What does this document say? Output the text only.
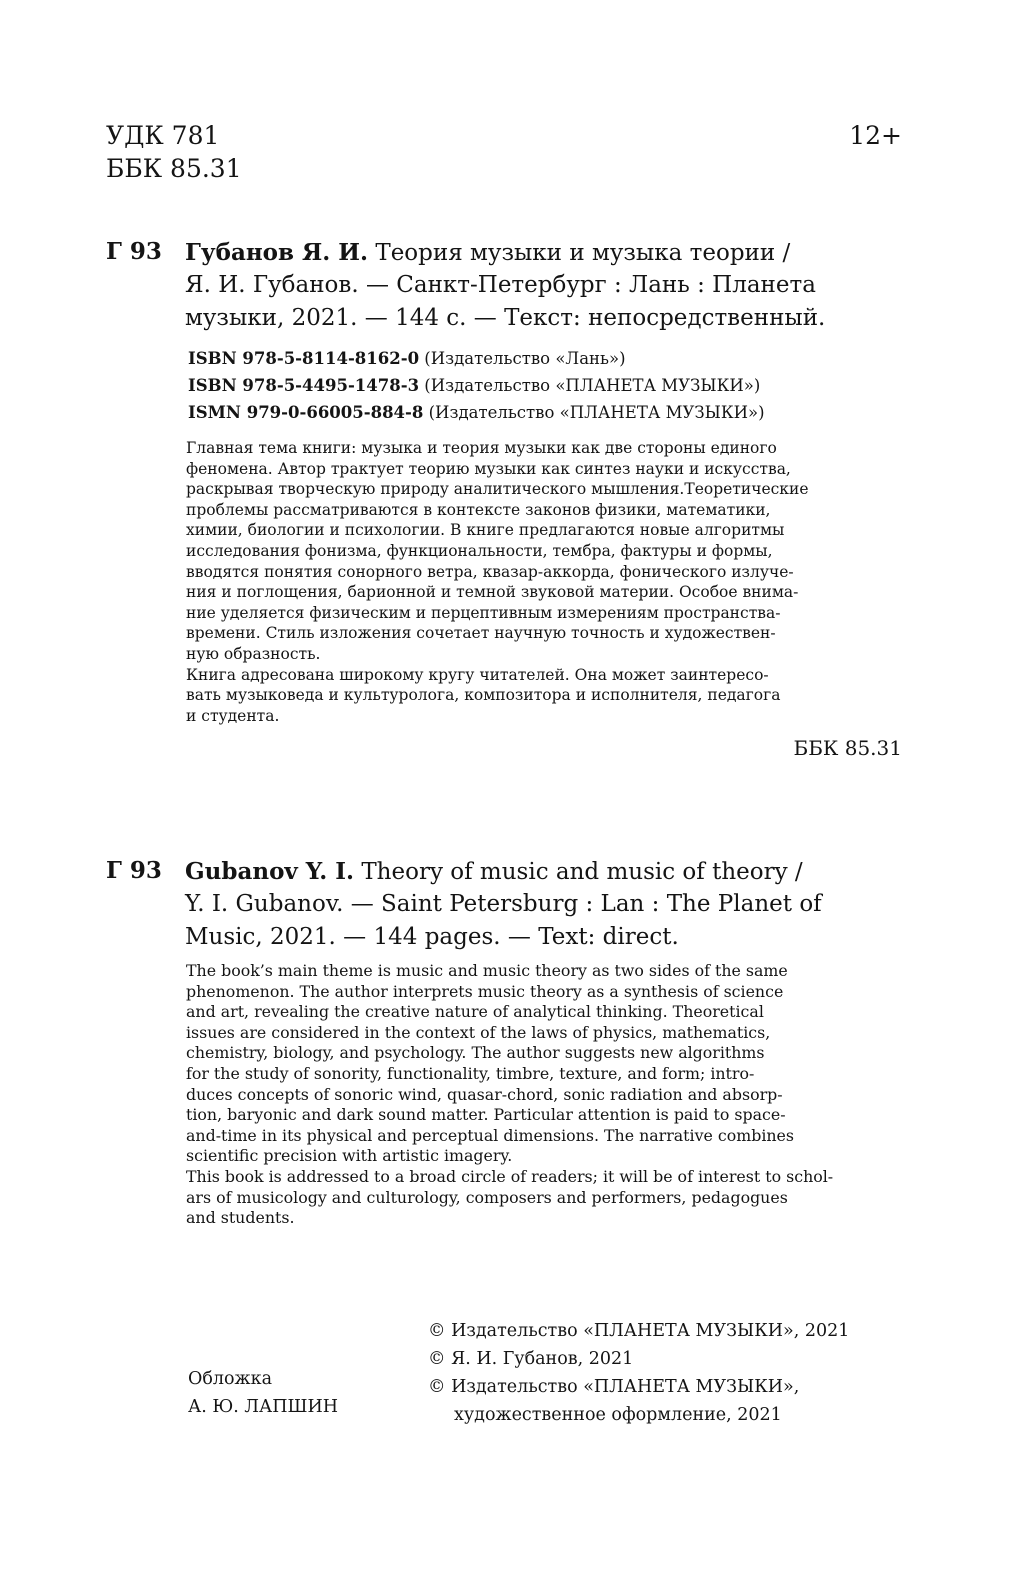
УДК 781
ББК 85.31
12+
Г 93 Губанов Я. И. Теория музыки и музыка теории /
Я. И. Губанов. — Санкт-Петербург : Лань : Планета
музыки, 2021. — 144 с. — Текст: непосредственный.
ISBN 978-5-8114-8162-0 (Издательство «Лань»)
ISBN 978-5-4495-1478-3 (Издательство «ПЛАНЕТА МУЗЫКИ»)
ISMN 979-0-66005-884-8 (Издательство «ПЛАНЕТА МУЗЫКИ»)
Главная тема книги: музыка и теория музыки как две стороны единого
феномена. Автор трактует теорию музыки как синтез науки и искусства,
раскрывая творческую природу аналитического мышления.Теоретические
проблемы рассматриваются в контексте законов физики, математики,
химии, биологии и психологии. В книге предлагаются новые алгоритмы
исследования фонизма, функциональности, тембра, фактуры и формы,
вводятся понятия сонорного ветра, квазар-аккорда, фонического излуче-
ния и поглощения, барионной и темной звуковой материи. Особое внима-
ние уделяется физическим и перцептивным измерениям пространства-
времени. Стиль изложения сочетает научную точность и художествен-
ную образность.
Книга адресована широкому кругу читателей. Она может заинтересо-
вать музыковеда и культуролога, композитора и исполнителя, педагога
и студента.
ББК 85.31
Г 93 Gubanov Y. I. Theory of music and music of theory /
Y. I. Gubanov. — Saint Petersburg : Lan : The Planet of
Music, 2021. — 144 pages. — Text: direct.
The book’s main theme is music and music theory as two sides of the same
phenomenon. The author interprets music theory as a synthesis of science
and art, revealing the creative nature of analytical thinking. Theoretical
issues are considered in the context of the laws of physics, mathematics,
chemistry, biology, and psychology. The author suggests new algorithms
for the study of sonority, functionality, timbre, texture, and form; intro-
duces concepts of sonoric wind, quasar-chord, sonic radiation and absorp-
tion, baryonic and dark sound matter. Particular attention is paid to space-
and-time in its physical and perceptual dimensions. The narrative combines
scientific precision with artistic imagery.
This book is addressed to a broad circle of readers; it will be of interest to schol-
ars of musicology and culturology, composers and performers, pedagogues
and students.
Обложка
А. Ю. ЛАПШИН
© Издательство «ПЛАНЕТА МУЗЫКИ», 2021
© Я. И. Губанов, 2021
© Издательство «ПЛАНЕТА МУЗЫКИ»,
художественное оформление, 2021
